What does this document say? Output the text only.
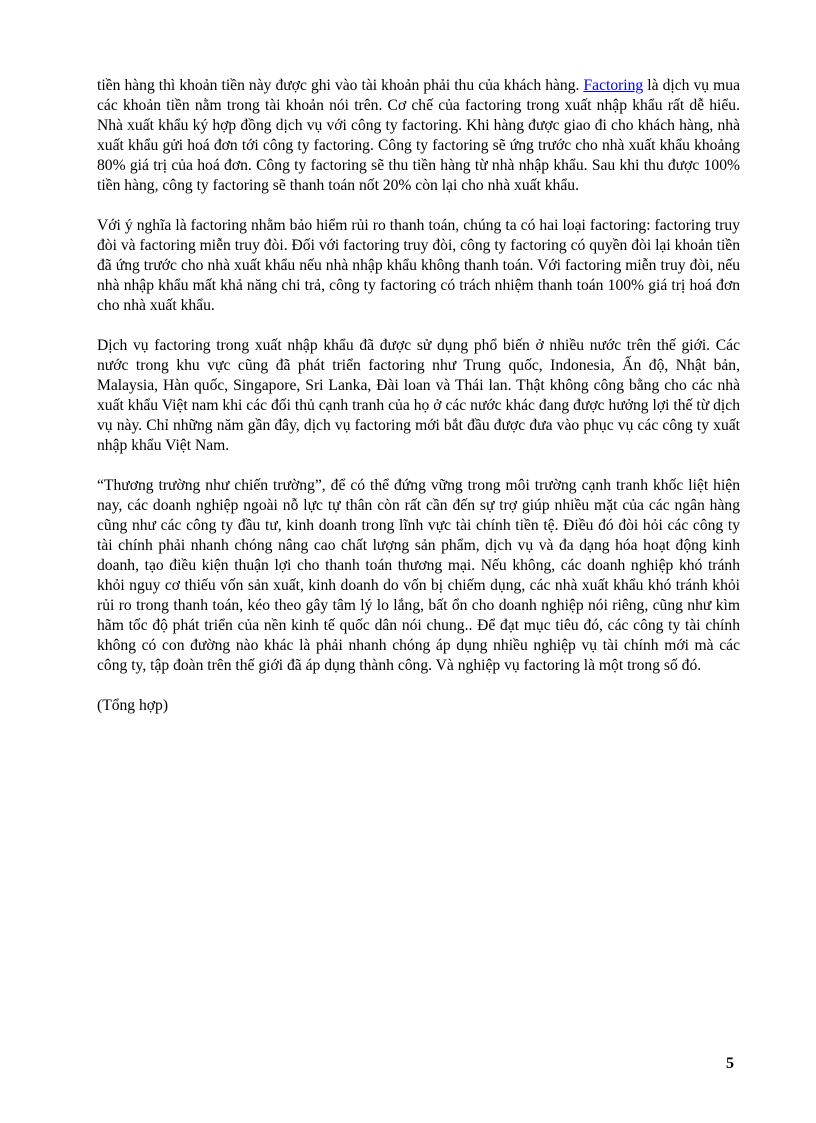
tiền hàng thì khoản tiền này được ghi vào tài khoản phải thu của khách hàng. Factoring là dịch vụ mua các khoản tiền nằm trong tài khoản nói trên. Cơ chế của factoring trong xuất nhập khẩu rất dễ hiểu. Nhà xuất khẩu ký hợp đồng dịch vụ với công ty factoring. Khi hàng được giao đi cho khách hàng, nhà xuất khẩu gửi hoá đơn tới công ty factoring. Công ty factoring sẽ ứng trước cho nhà xuất khẩu khoảng 80% giá trị của hoá đơn. Công ty factoring sẽ thu tiền hàng từ nhà nhập khẩu. Sau khi thu được 100% tiền hàng, công ty factoring sẽ thanh toán nốt 20% còn lại cho nhà xuất khẩu.

Với ý nghĩa là factoring nhằm bảo hiểm rủi ro thanh toán, chúng ta có hai loại factoring: factoring truy đòi và factoring miễn truy đòi. Đối với factoring truy đòi, công ty factoring có quyền đòi lại khoản tiền đã ứng trước cho nhà xuất khẩu nếu nhà nhập khẩu không thanh toán. Với factoring miễn truy đòi, nếu nhà nhập khẩu mất khả năng chi trả, công ty factoring có trách nhiệm thanh toán 100% giá trị hoá đơn cho nhà xuất khẩu.

Dịch vụ factoring trong xuất nhập khẩu đã được sử dụng phổ biến ở nhiều nước trên thế giới. Các nước trong khu vực cũng đã phát triển factoring như Trung quốc, Indonesia, Ấn độ, Nhật bản, Malaysia, Hàn quốc, Singapore, Sri Lanka, Đài loan và Thái lan. Thật không công bằng cho các nhà xuất khẩu Việt nam khi các đối thủ cạnh tranh của họ ở các nước khác đang được hưởng lợi thế từ dịch vụ này. Chỉ những năm gần đây, dịch vụ factoring mới bắt đầu được đưa vào phục vụ các công ty xuất nhập khẩu Việt Nam.

“Thương trường như chiến trường”, để có thể đứng vững trong môi trường cạnh tranh khốc liệt hiện nay, các doanh nghiệp ngoài nỗ lực tự thân còn rất cần đến sự trợ giúp nhiều mặt của các ngân hàng cũng như các công ty đầu tư, kinh doanh trong lĩnh vực tài chính tiền tệ. Điều đó đòi hỏi các công ty tài chính phải nhanh chóng nâng cao chất lượng sản phẩm, dịch vụ và đa dạng hóa hoạt động kinh doanh, tạo điều kiện thuận lợi cho thanh toán thương mại. Nếu không, các doanh nghiệp khó tránh khỏi nguy cơ thiếu vốn sản xuất, kinh doanh do vốn bị chiếm dụng, các nhà xuất khẩu khó tránh khỏi rủi ro trong thanh toán, kéo theo gây tâm lý lo lắng, bất ổn cho doanh nghiệp nói riêng, cũng như kìm hãm tốc độ phát triển của nền kinh tế quốc dân nói chung.. Để đạt mục tiêu đó, các công ty tài chính không có con đường nào khác là phải nhanh chóng áp dụng nhiều nghiệp vụ tài chính mới mà các công ty, tập đoàn trên thế giới đã áp dụng thành công. Và nghiệp vụ factoring là một trong số đó.

(Tổng hợp)

5
